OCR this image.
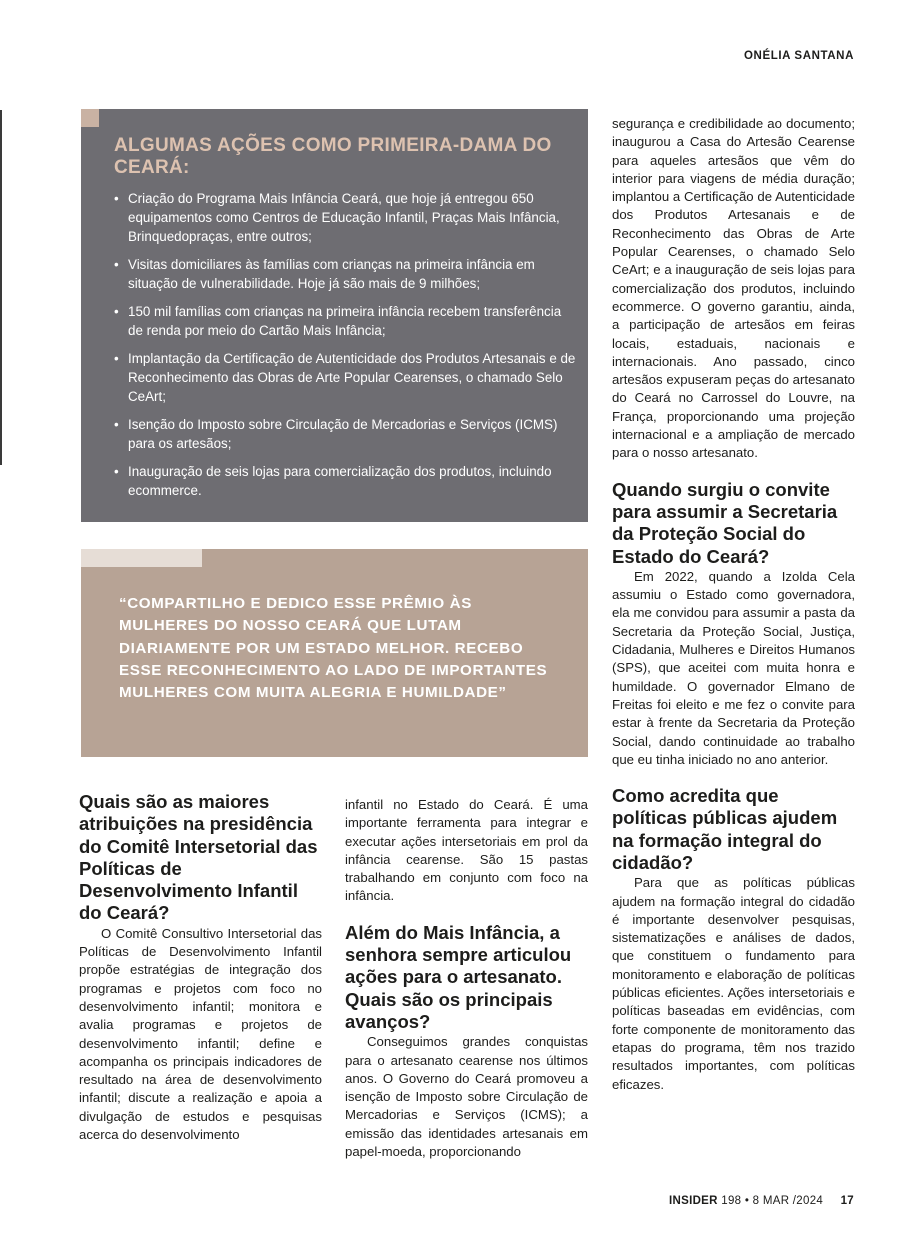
ONÉLIA SANTANA
ALGUMAS AÇÕES COMO PRIMEIRA-DAMA DO CEARÁ:
• Criação do Programa Mais Infância Ceará, que hoje já entregou 650 equipamentos como Centros de Educação Infantil, Praças Mais Infância, Brinquedopraças, entre outros;
• Visitas domiciliares às famílias com crianças na primeira infância em situação de vulnerabilidade. Hoje já são mais de 9 milhões;
• 150 mil famílias com crianças na primeira infância recebem transferência de renda por meio do Cartão Mais Infância;
• Implantação da Certificação de Autenticidade dos Produtos Artesanais e de Reconhecimento das Obras de Arte Popular Cearenses, o chamado Selo CeArt;
• Isenção do Imposto sobre Circulação de Mercadorias e Serviços (ICMS) para os artesãos;
• Inauguração de seis lojas para comercialização dos produtos, incluindo ecommerce.

“COMPARTILHO E DEDICO ESSE PRÊMIO ÀS MULHERES DO NOSSO CEARÁ QUE LUTAM DIARIAMENTE POR UM ESTADO MELHOR. RECEBO ESSE RECONHECIMENTO AO LADO DE IMPORTANTES MULHERES COM MUITA ALEGRIA E HUMILDADE”

Quais são as maiores atribuições na presidência do Comitê Intersetorial das Políticas de Desenvolvimento Infantil do Ceará?

O Comitê Consultivo Intersetorial das Políticas de Desenvolvimento Infantil propõe estratégias de integração dos programas e projetos com foco no desenvolvimento infantil; monitora e avalia programas e projetos de desenvolvimento infantil; define e acompanha os principais indicadores de resultado na área de desenvolvimento infantil; discute a realização e apoia a divulgação de estudos e pesquisas acerca do desenvolvimento

infantil no Estado do Ceará. É uma importante ferramenta para integrar e executar ações intersetoriais em prol da infância cearense. São 15 pastas trabalhando em conjunto com foco na infância.

Além do Mais Infância, a senhora sempre articulou ações para o artesanato. Quais são os principais avanços?

Conseguimos grandes conquistas para o artesanato cearense nos últimos anos. O Governo do Ceará promoveu a isenção de Imposto sobre Circulação de Mercadorias e Serviços (ICMS); a emissão das identidades artesanais em papel-moeda, proporcionando

segurança e credibilidade ao documento; inaugurou a Casa do Artesão Cearense para aqueles artesãos que vêm do interior para viagens de média duração; implantou a Certificação de Autenticidade dos Produtos Artesanais e de Reconhecimento das Obras de Arte Popular Cearenses, o chamado Selo CeArt; e a inauguração de seis lojas para comercialização dos produtos, incluindo ecommerce. O governo garantiu, ainda, a participação de artesãos em feiras locais, estaduais, nacionais e internacionais. Ano passado, cinco artesãos expuseram peças do artesanato do Ceará no Carrossel do Louvre, na França, proporcionando uma projeção internacional e a ampliação de mercado para o nosso artesanato.

Quando surgiu o convite para assumir a Secretaria da Proteção Social do Estado do Ceará?

Em 2022, quando a Izolda Cela assumiu o Estado como governadora, ela me convidou para assumir a pasta da Secretaria da Proteção Social, Justiça, Cidadania, Mulheres e Direitos Humanos (SPS), que aceitei com muita honra e humildade. O governador Elmano de Freitas foi eleito e me fez o convite para estar à frente da Secretaria da Proteção Social, dando continuidade ao trabalho que eu tinha iniciado no ano anterior.

Como acredita que políticas públicas ajudem na formação integral do cidadão?

Para que as políticas públicas ajudem na formação integral do cidadão é importante desenvolver pesquisas, sistematizações e análises de dados, que constituem o fundamento para monitoramento e elaboração de políticas públicas eficientes. Ações intersetoriais e políticas baseadas em evidências, com forte componente de monitoramento das etapas do programa, têm nos trazido resultados importantes, com políticas eficazes.

INSIDER 198 • 8 MAR /2024 17
